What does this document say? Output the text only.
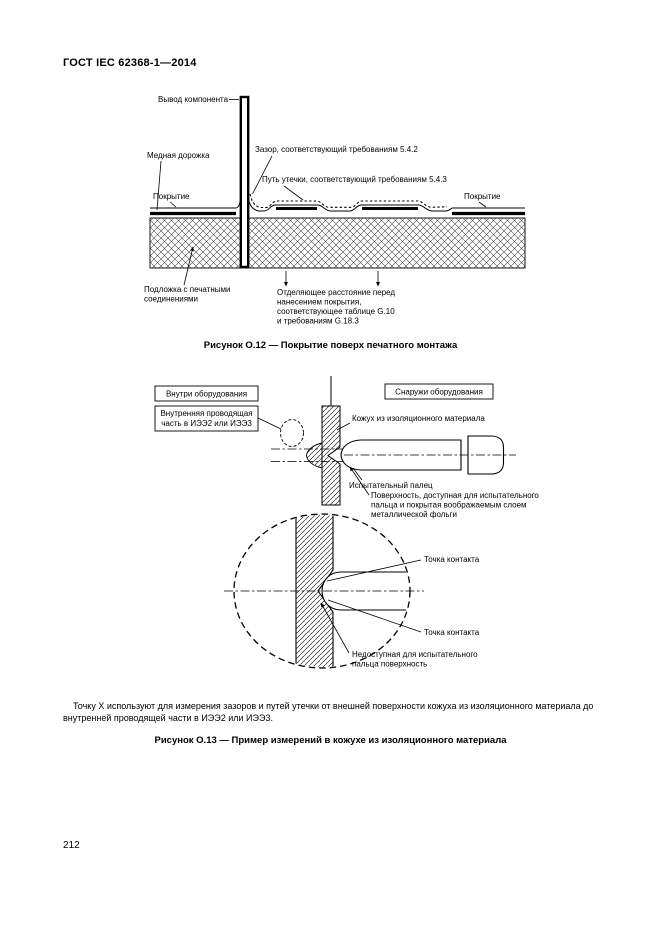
ГОСТ IEC 62368-1—2014
Вывод компонента
Медная дорожка
Зазор, соответствующий требованиям 5.4.2
Путь утечки, соответствующий требованиям 5.4.3
Покрытие	Покрытие
Подложка с печатными
соединениями
Отделяющее расстояние перед
нанесением покрытия,
соответствующее таблице G.10
и требованиям G.18.3
Рисунок О.12 — Покрытие поверх печатного монтажа
Внутри оборудования	Снаружи оборудования
Внутренняя проводящая
часть в ИЭЭ2 или ИЭЭ3
Кожух из изоляционного материала
Испытательный палец
Поверхность, доступная для испытательного
пальца и покрытая воображаемым слоем
металлической фольги
Точка контакта
Точка контакта
Недоступная для испытательного
пальца поверхность
Точку X используют для измерения зазоров и путей утечки от внешней поверхности кожуха из изоляционного материала до внутренней проводящей части в ИЭЭ2 или ИЭЭ3.
Рисунок О.13 — Пример измерений в кожухе из изоляционного материала
212
